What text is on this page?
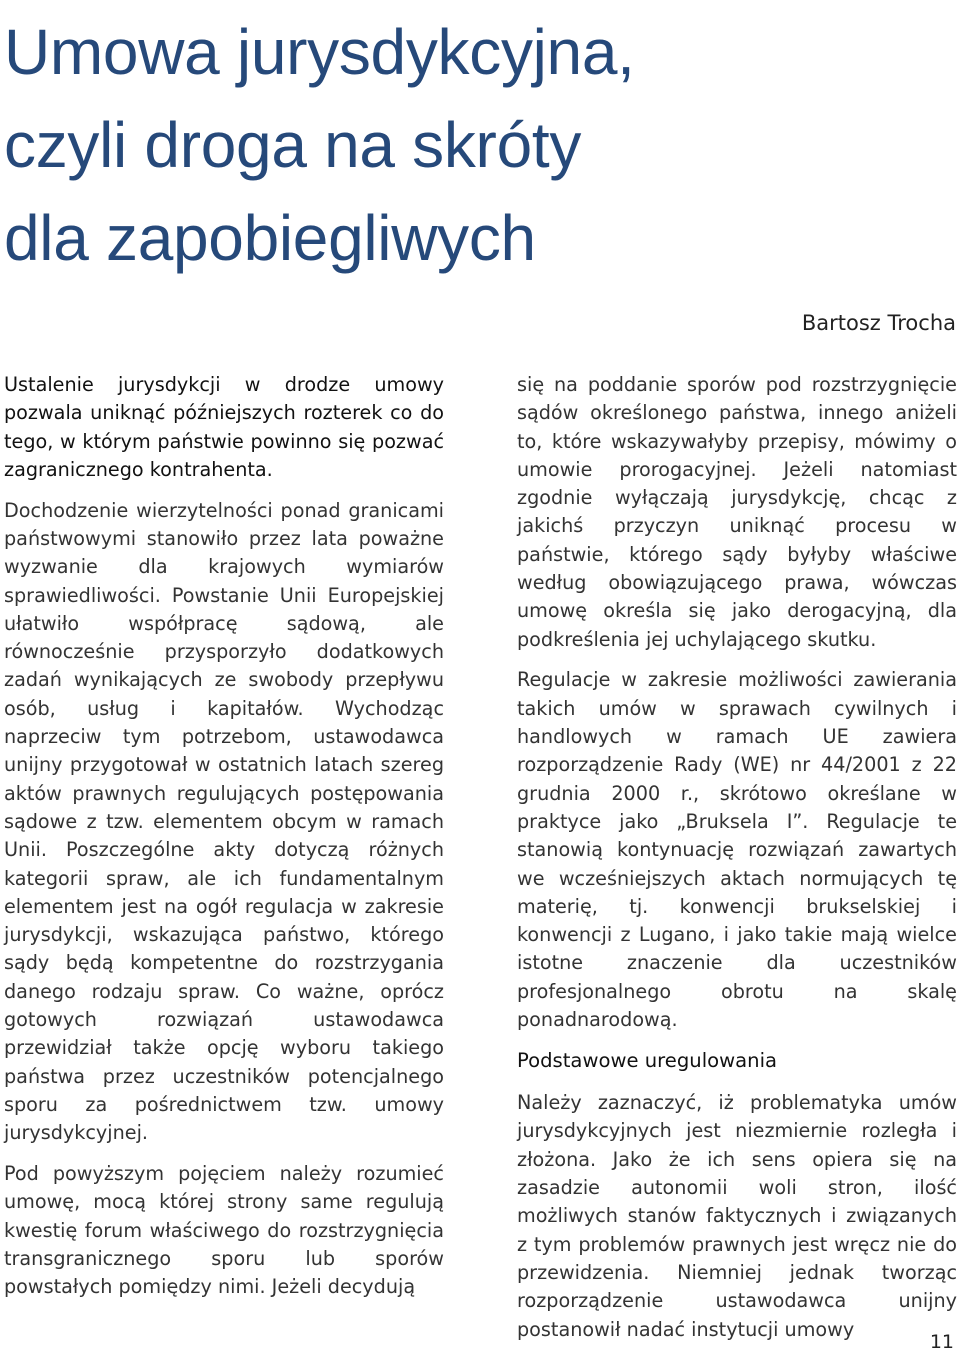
Umowa jurysdykcyjna,
czyli droga na skróty
dla zapobiegliwych
Bartosz Trocha

Ustalenie jurysdykcji w drodze umowy pozwala uniknąć późniejszych rozterek co do tego, w którym państwie powinno się pozwać zagranicznego kontrahenta.

Dochodzenie wierzytelności ponad granicami państwowymi stanowiło przez lata poważne wyzwanie dla krajowych wymiarów sprawiedliwości. Powstanie Unii Europejskiej ułatwiło współpracę sądową, ale równocześnie przysporzyło dodatkowych zadań wynikających ze swobody przepływu osób, usług i kapitałów. Wychodząc naprzeciw tym potrzebom, ustawodawca unijny przygotował w ostatnich latach szereg aktów prawnych regulujących postępowania sądowe z tzw. elementem obcym w ramach Unii. Poszczególne akty dotyczą różnych kategorii spraw, ale ich fundamentalnym elementem jest na ogół regulacja w zakresie jurysdykcji, wskazująca państwo, którego sądy będą kompetentne do rozstrzygania danego rodzaju spraw. Co ważne, oprócz gotowych rozwiązań ustawodawca przewidział także opcję wyboru takiego państwa przez uczestników potencjalnego sporu za pośrednictwem tzw. umowy jurysdykcyjnej.

Pod powyższym pojęciem należy rozumieć umowę, mocą której strony same regulują kwestię forum właściwego do rozstrzygnięcia transgranicznego sporu lub sporów powstałych pomiędzy nimi. Jeżeli decydują

się na poddanie sporów pod rozstrzygnięcie sądów określonego państwa, innego aniżeli to, które wskazywałyby przepisy, mówimy o umowie prorogacyjnej. Jeżeli natomiast zgodnie wyłączają jurysdykcję, chcąc z jakichś przyczyn uniknąć procesu w państwie, którego sądy byłyby właściwe według obowiązującego prawa, wówczas umowę określa się jako derogacyjną, dla podkreślenia jej uchylającego skutku.

Regulacje w zakresie możliwości zawierania takich umów w sprawach cywilnych i handlowych w ramach UE zawiera rozporządzenie Rady (WE) nr 44/2001 z 22 grudnia 2000 r., skrótowo określane w praktyce jako „Bruksela I”. Regulacje te stanowią kontynuację rozwiązań zawartych we wcześniejszych aktach normujących tę materię, tj. konwencji brukselskiej i konwencji z Lugano, i jako takie mają wielce istotne znaczenie dla uczestników profesjonalnego obrotu na skalę ponadnarodową.

Podstawowe uregulowania

Należy zaznaczyć, iż problematyka umów jurysdykcyjnych jest niezmiernie rozległa i złożona. Jako że ich sens opiera się na zasadzie autonomii woli stron, ilość możliwych stanów faktycznych i związanych z tym problemów prawnych jest wręcz nie do przewidzenia. Niemniej jednak tworząc rozporządzenie ustawodawca unijny postanowił nadać instytucji umowy

11
